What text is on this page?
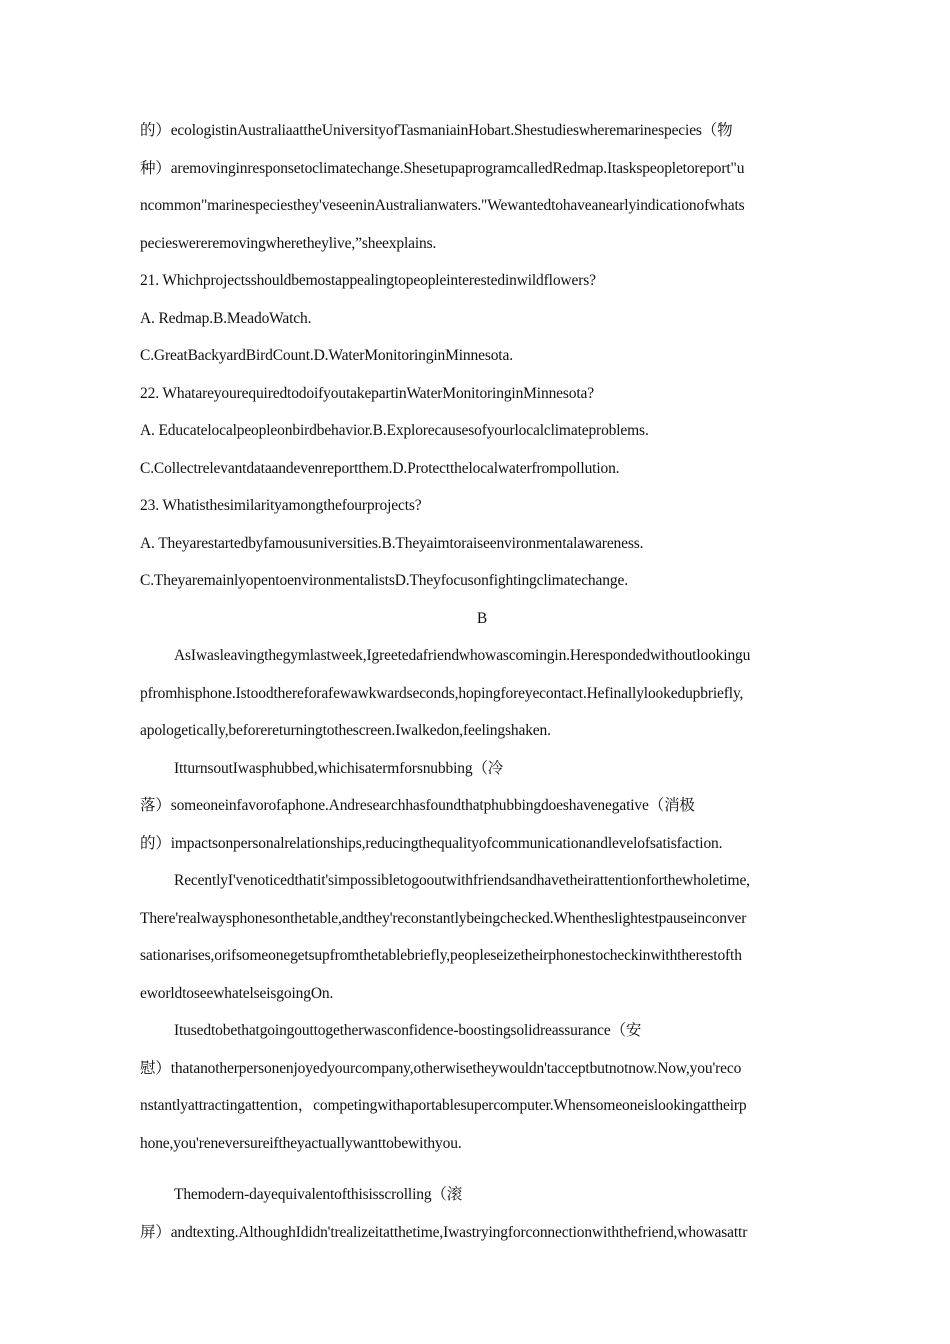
的）ecologistinAustraliaattheUniversityofTasmaniainHobart.Shestudieswheremarinespecies（物
种）aremovinginresponsetoclimatechange.ShesetupaprogramcalledRedmap.Itaskspeopletoreport"u
ncommon"marinespeciesthey'veseeninAustralianwaters."Wewantedtohaveanearlyindicationofwhats
pecieswereremovingwheretheylive,”sheexplains.
21. Whichprojectsshouldbemostappealingtopeopleinterestedinwildflowers?
A. Redmap.B.MeadoWatch.
C.GreatBackyardBirdCount.D.WaterMonitoringinMinnesota.
22. WhatareyourequiredtodoifyoutakepartinWaterMonitoringinMinnesota?
A. Educatelocalpeopleonbirdbehavior.B.Explorecausesofyourlocalclimateproblems.
C.Collectrelevantdataandevenreportthem.D.Protectthelocalwaterfrompollution.
23. Whatisthesimilarityamongthefourprojects?
A. Theyarestartedbyfamousuniversities.B.Theyaimtoraiseenvironmentalawareness.
C.TheyaremainlyopentoenvironmentalistsD.Theyfocusonfightingclimatechange.
B
AsIwasleavingthegymlastweek,Igreetedafriendwhowascomingin.Herespondedwithoutlookingu
pfromhisphone.Istoodthereforafewawkwardseconds,hopingforeyecontact.Hefinallylookedupbriefly,
apologetically,beforereturningtothescreen.Iwalkedon,feelingshaken.
ItturnsoutIwasphubbed,whichisatermforsnubbing（冷
落）someoneinfavorofaphone.Andresearchhasfoundthatphubbingdoeshavenegative（消极
的）impactsonpersonalrelationships,reducingthequalityofcommunicationandlevelofsatisfaction.
RecentlyI'venoticedthatit'simpossibletogooutwithfriendsandhavetheirattentionforthewholetime,
There'realwaysphonesonthetable,andthey'reconstantlybeingchecked.Whentheslightestpauseinconver
sationarises,orifsomeonegetsupfromthetablebriefly,peopleseizetheirphonestocheckinwiththerestofth
eworldtoseewhatelseisgoingOn.
Itusedtobethatgoingouttogetherwasconfidence-boostingsolidreassurance（安
慰）thatanotherpersonenjoyedyourcompany,otherwisetheywouldn'tacceptbutnotnow.Now,you'reco
nstantlyattractingattention，competingwithaportablesupercomputer.Whensomeoneislookingattheirp
hone,you'reneversureiftheyactuallywanttobewithyou.
Themodern-dayequivalentofthisisscrolling（滚
屏）andtexting.AlthoughIdidn'trealizeitatthetime,Iwastryingforconnectionwiththefriend,whowasattr
